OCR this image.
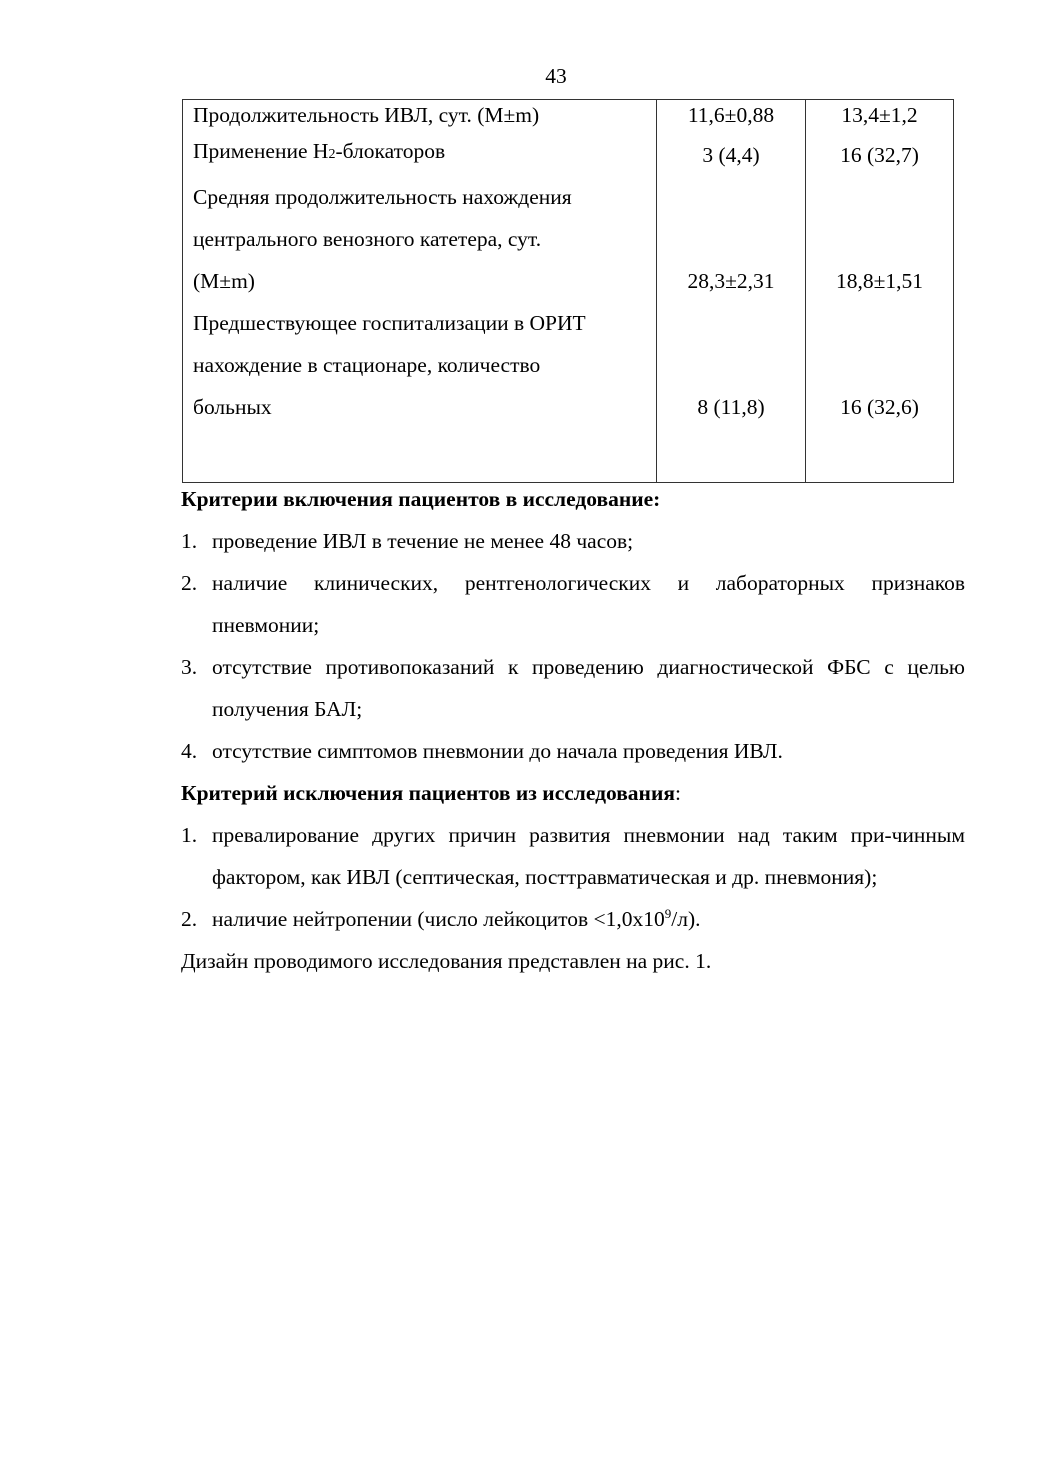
43
Продолжительность ИВЛ, сут. (M±m)	11,6±0,88	13,4±1,2
Применение Н2-блокаторов	3 (4,4)	16 (32,7)

Средняя продолжительность нахождения
центрального венозного катетера, сут.
(M±m)	28,3±2,31	18,8±1,51

Предшествующее госпитализации в ОРИТ
нахождение в стационаре, количество
больных	8 (11,8)	16 (32,6)

Критерии включения пациентов в исследование:
1. проведение ИВЛ в течение не менее 48 часов;
2. наличие клинических, рентгенологических и лабораторных признаков пневмонии;
3. отсутствие противопоказаний к проведению диагностической ФБС с целью получения БАЛ;
4. отсутствие симптомов пневмонии до начала проведения ИВЛ.
Критерий исключения пациентов из исследования:
1. превалирование других причин развития пневмонии над таким при-чинным фактором, как ИВЛ (септическая, посттравматическая и др. пневмония);
2. наличие нейтропении (число лейкоцитов $<1,0х10^9/л$).
Дизайн проводимого исследования представлен на рис. 1.
